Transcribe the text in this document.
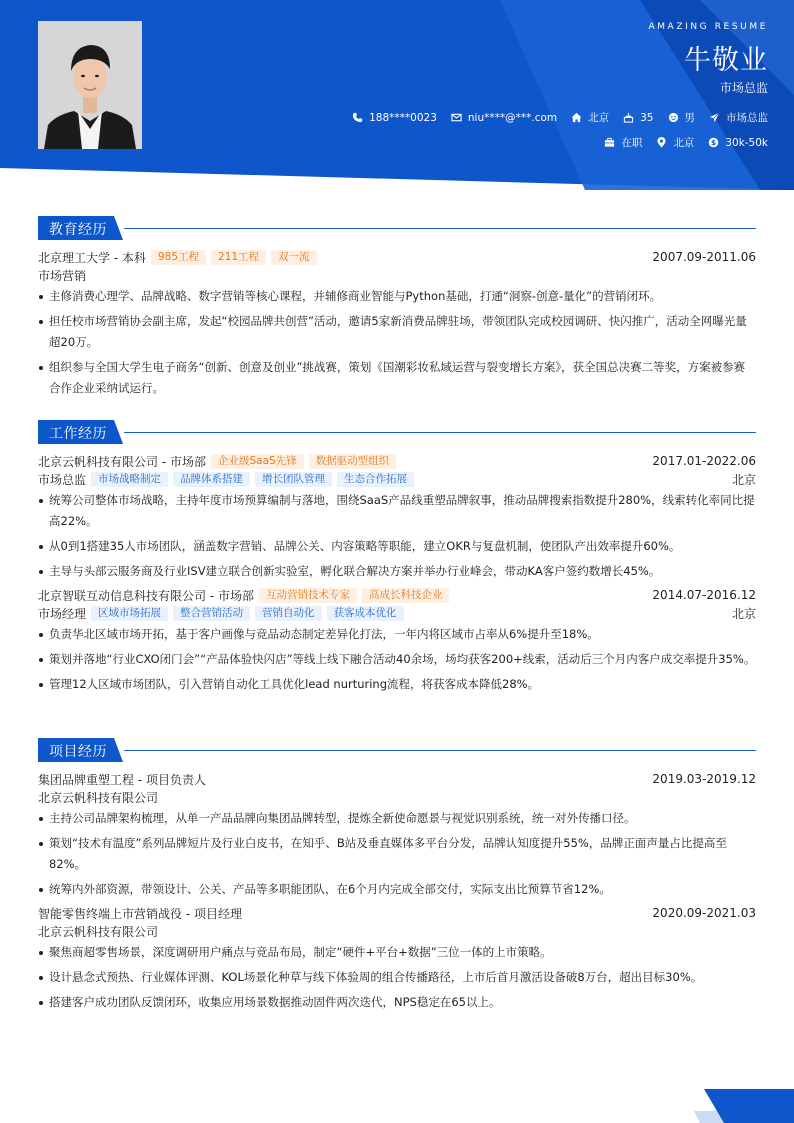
AMAZING RESUME
牛敬业
市场总监
188****0023	niu****@***.com	北京	35	男	市场总监
在职	北京 $ 30k-50k
教育经历
北京理工大学 - 本科	985工程	211工程	双一流	2007.09-2011.06
市场营销
主修消费心理学、品牌战略、数字营销等核心课程，并辅修商业智能与Python基础，打通“洞察-创意-量化”的营销闭环。
担任校市场营销协会副主席，发起“校园品牌共创营”活动，邀请5家新消费品牌驻场，带领团队完成校园调研、快闪推广，活动全网曝光量超20万。
组织参与全国大学生电子商务“创新、创意及创业”挑战赛，策划《国潮彩妆私域运营与裂变增长方案》，获全国总决赛二等奖，方案被参赛合作企业采纳试运行。
工作经历
北京云帆科技有限公司 - 市场部	企业级SaaS先锋	数据驱动型组织	2017.01-2022.06
市场总监	市场战略制定	品牌体系搭建	增长团队管理	生态合作拓展	北京
统筹公司整体市场战略，主持年度市场预算编制与落地，围绕SaaS产品线重塑品牌叙事，推动品牌搜索指数提升280%，线索转化率同比提高22%。
从0到1搭建35人市场团队，涵盖数字营销、品牌公关、内容策略等职能，建立OKR与复盘机制，使团队产出效率提升60%。
主导与头部云服务商及行业ISV建立联合创新实验室，孵化联合解决方案并举办行业峰会，带动KA客户签约数增长45%。
北京智联互动信息科技有限公司 - 市场部	互动营销技术专家	高成长科技企业	2014.07-2016.12
市场经理	区域市场拓展	整合营销活动	营销自动化	获客成本优化	北京
负责华北区域市场开拓，基于客户画像与竞品动态制定差异化打法，一年内将区域市占率从6%提升至18%。
策划并落地“行业CXO闭门会”“产品体验快闪店”等线上线下融合活动40余场，场均获客200+线索，活动后三个月内客户成交率提升35%。
管理12人区域市场团队，引入营销自动化工具优化lead nurturing流程，将获客成本降低28%。
项目经历
集团品牌重塑工程 - 项目负责人	2019.03-2019.12
北京云帆科技有限公司
主持公司品牌架构梳理，从单一产品品牌向集团品牌转型，提炼全新使命愿景与视觉识别系统，统一对外传播口径。
策划“技术有温度”系列品牌短片及行业白皮书，在知乎、B站及垂直媒体多平台分发，品牌认知度提升55%，品牌正面声量占比提高至82%。
统筹内外部资源，带领设计、公关、产品等多职能团队，在6个月内完成全部交付，实际支出比预算节省12%。
智能零售终端上市营销战役 - 项目经理	2020.09-2021.03
北京云帆科技有限公司
聚焦商超零售场景，深度调研用户痛点与竞品布局，制定“硬件+平台+数据”三位一体的上市策略。
设计悬念式预热、行业媒体评测、KOL场景化种草与线下体验周的组合传播路径，上市后首月激活设备破8万台，超出目标30%。
搭建客户成功团队反馈闭环，收集应用场景数据推动固件两次迭代，NPS稳定在65以上。
